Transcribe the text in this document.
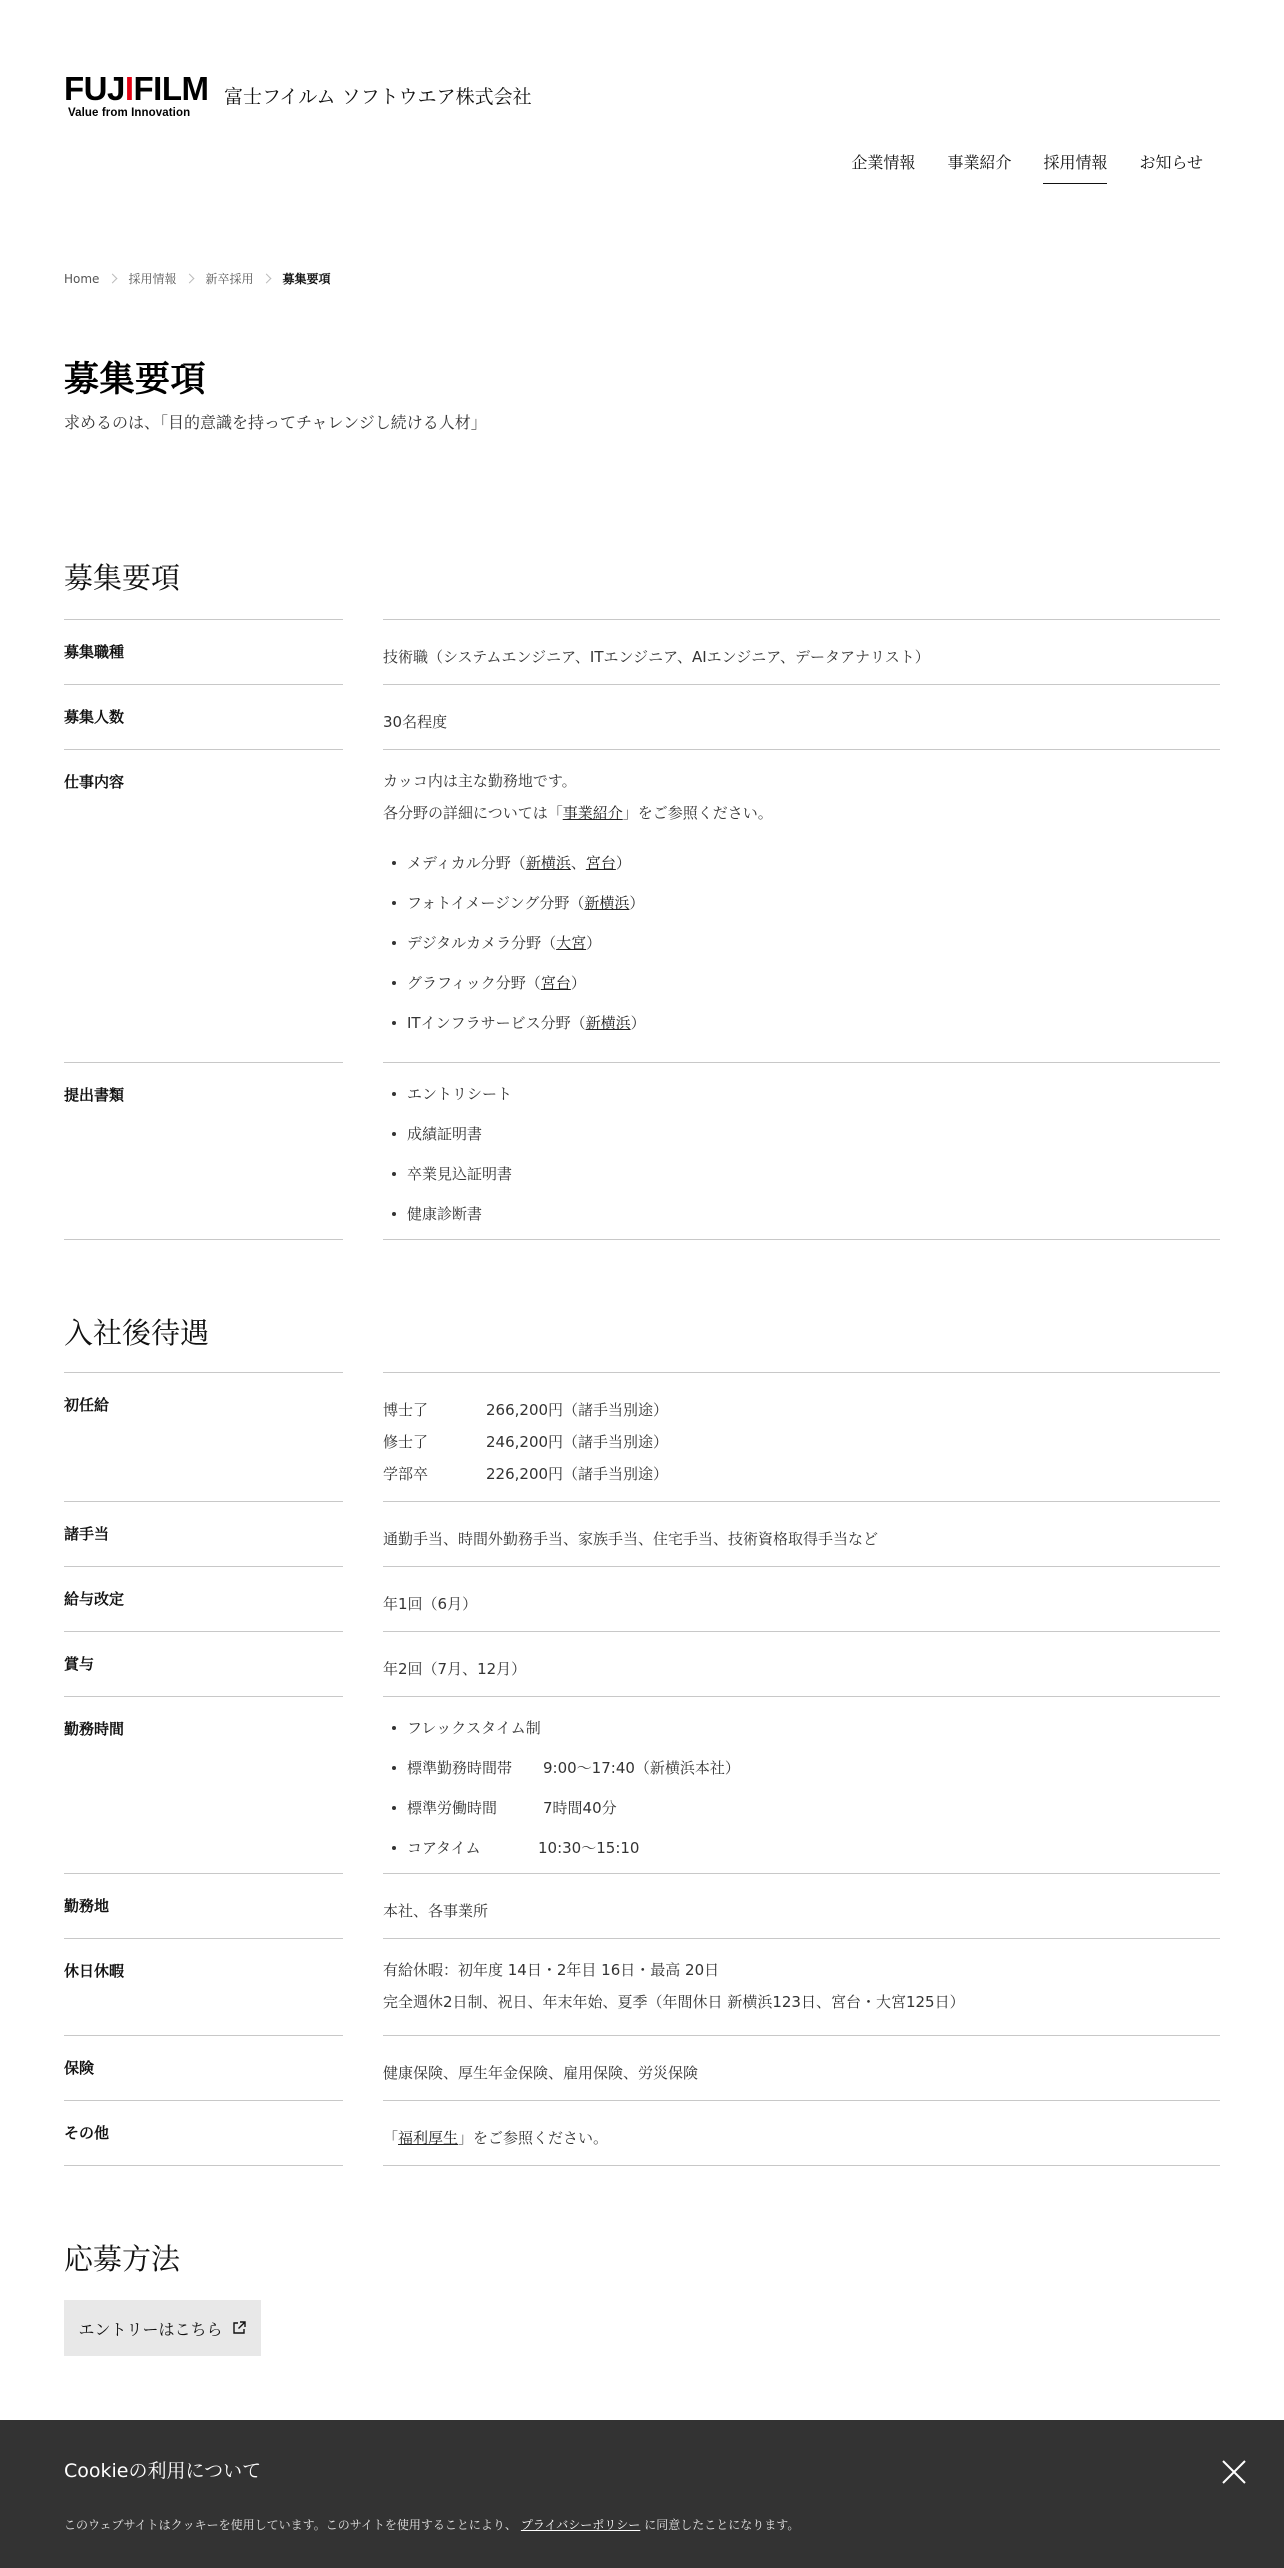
FUJIFILM
Value from Innovation
富士フイルム ソフトウエア株式会社
企業情報 事業紹介 採用情報 お知らせ
Home 採用情報 新卒採用 募集要項
募集要項

求めるのは、「目的意識を持ってチャレンジし続ける人材」

募集要項
募集職種	技術職（システムエンジニア、ITエンジニア、AIエンジニア、データアナリスト）
募集人数	30名程度
仕事内容	カッコ内は主な勤務地です。

各分野の詳細については「事業紹介」をご参照ください。

メディカル分野（新横浜、宮台）
フォトイメージング分野（新横浜）
デジタルカメラ分野（大宮）
グラフィック分野（宮台）
ITインフラサービス分野（新横浜）
提出書類	エントリシート
成績証明書
卒業見込証明書
健康診断書
入社後待遇
初任給	博士了	266,200円（諸手当別途）
修士了	246,200円（諸手当別途）
学部卒	226,200円（諸手当別途）
諸手当	通勤手当、時間外勤務手当、家族手当、住宅手当、技術資格取得手当など
給与改定	年1回（6月）
賞与	年2回（7月、12月）
勤務時間	フレックスタイム制
標準勤務時間帯 9:00〜17:40（新横浜本社）
標準労働時間	7時間40分
コアタイム	10:30〜15:10
勤務地	本社、各事業所
休日休暇	有給休暇：初年度 14日・2年目 16日・最高 20日

完全週休2日制、祝日、年末年始、夏季（年間休日 新横浜123日、宮台・大宮125日）

保険	健康保険、厚生年金保険、雇用保険、労災保険
その他	「福利厚生」をご参照ください。
応募方法
エントリーはこちら
Cookieの利用について
このウェブサイトはクッキーを使用しています。このサイトを使用することにより、 プライバシーポリシー に同意したことになります。
